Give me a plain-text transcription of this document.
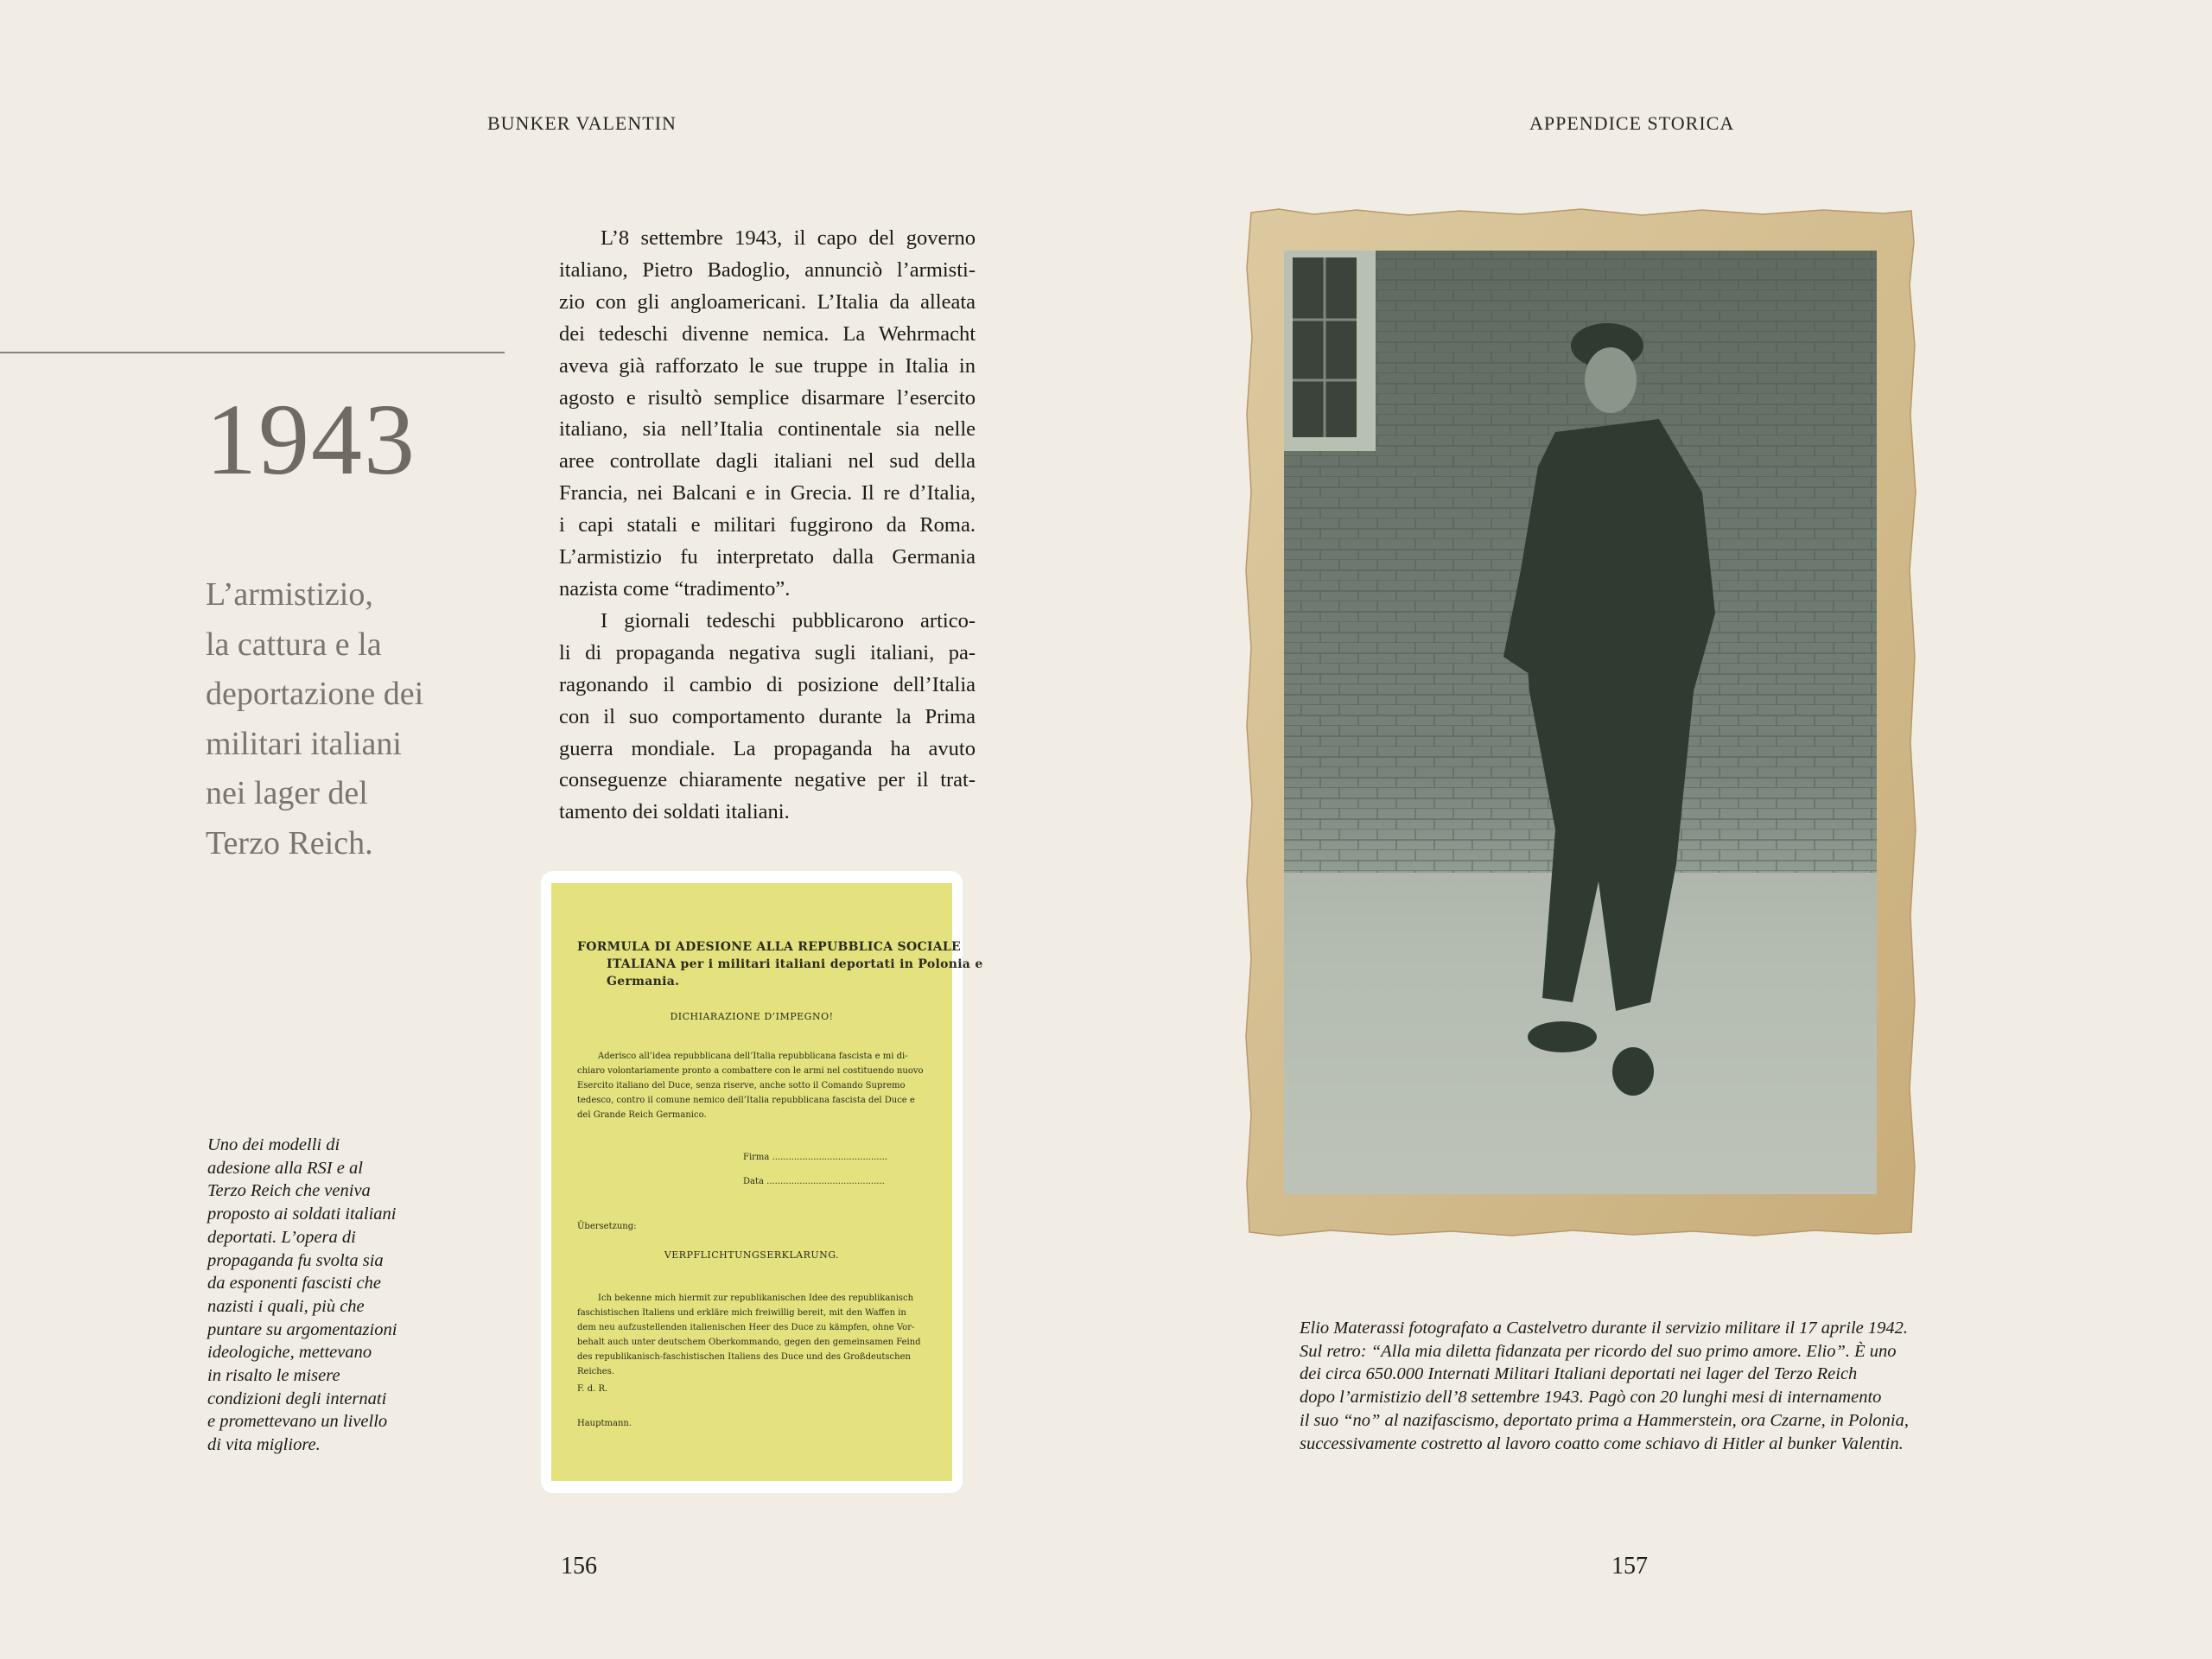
BUNKER VALENTIN
1943
L’armistizio,
la cattura e la
deportazione dei
militari italiani
nei lager del
Terzo Reich.
L’8 settembre 1943, il capo del governo
italiano, Pietro Badoglio, annunciò l’armisti-
zio con gli angloamericani. L’Italia da alleata
dei tedeschi divenne nemica. La Wehrmacht
aveva già rafforzato le sue truppe in Italia in
agosto e risultò semplice disarmare l’esercito
italiano, sia nell’Italia continentale sia nelle
aree controllate dagli italiani nel sud della
Francia, nei Balcani e in Grecia. Il re d’Italia,
i capi statali e militari fuggirono da Roma.
L’armistizio fu interpretato dalla Germania
nazista come “tradimento”.
I giornali tedeschi pubblicarono artico-
li di propaganda negativa sugli italiani, pa-
ragonando il cambio di posizione dell’Italia
con il suo comportamento durante la Prima
guerra mondiale. La propaganda ha avuto
conseguenze chiaramente negative per il trat-
tamento dei soldati italiani.
Uno dei modelli di
adesione alla RSI e al
Terzo Reich che veniva
proposto ai soldati italiani
deportati. L’opera di
propaganda fu svolta sia
da esponenti fascisti che
nazisti i quali, più che
puntare su argomentazioni
ideologiche, mettevano
in risalto le misere
condizioni degli internati
e promettevano un livello
di vita migliore.
FORMULA DI ADESIONE ALLA REPUBBLICA SOCIALE
ITALIANA per i militari italiani deportati in Polonia e
Germania.
DICHIARAZIONE D’IMPEGNO!
Aderisco all’idea repubblicana dell’Italia repubblicana fascista e mi di-
chiaro volontariamente pronto a combattere con le armi nel costituendo nuovo
Esercito italiano del Duce, senza riserve, anche sotto il Comando Supremo
tedesco, contro il comune nemico dell’Italia repubblicana fascista del Duce e
del Grande Reich Germanico.
Firma ..........................................
Data ...........................................
Übersetzung:
VERPFLICHTUNGSERKLARUNG.
Ich bekenne mich hiermit zur republikanischen Idee des republikanisch
faschistischen Italiens und erkläre mich freiwillig bereit, mit den Waffen in
dem neu aufzustellenden italienischen Heer des Duce zu kämpfen, ohne Vor-
behalt auch unter deutschem Oberkommando, gegen den gemeinsamen Feind
des republikanisch-faschistischen Italiens des Duce und des Großdeutschen
Reiches.
F. d. R.
Hauptmann.
156
APPENDICE STORICA
Elio Materassi fotografato a Castelvetro durante il servizio militare il 17 aprile 1942.
Sul retro: “Alla mia diletta fidanzata per ricordo del suo primo amore. Elio”. È uno
dei circa 650.000 Internati Militari Italiani deportati nei lager del Terzo Reich
dopo l’armistizio dell’8 settembre 1943. Pagò con 20 lunghi mesi di internamento
il suo “no” al nazifascismo, deportato prima a Hammerstein, ora Czarne, in Polonia,
successivamente costretto al lavoro coatto come schiavo di Hitler al bunker Valentin.
157
